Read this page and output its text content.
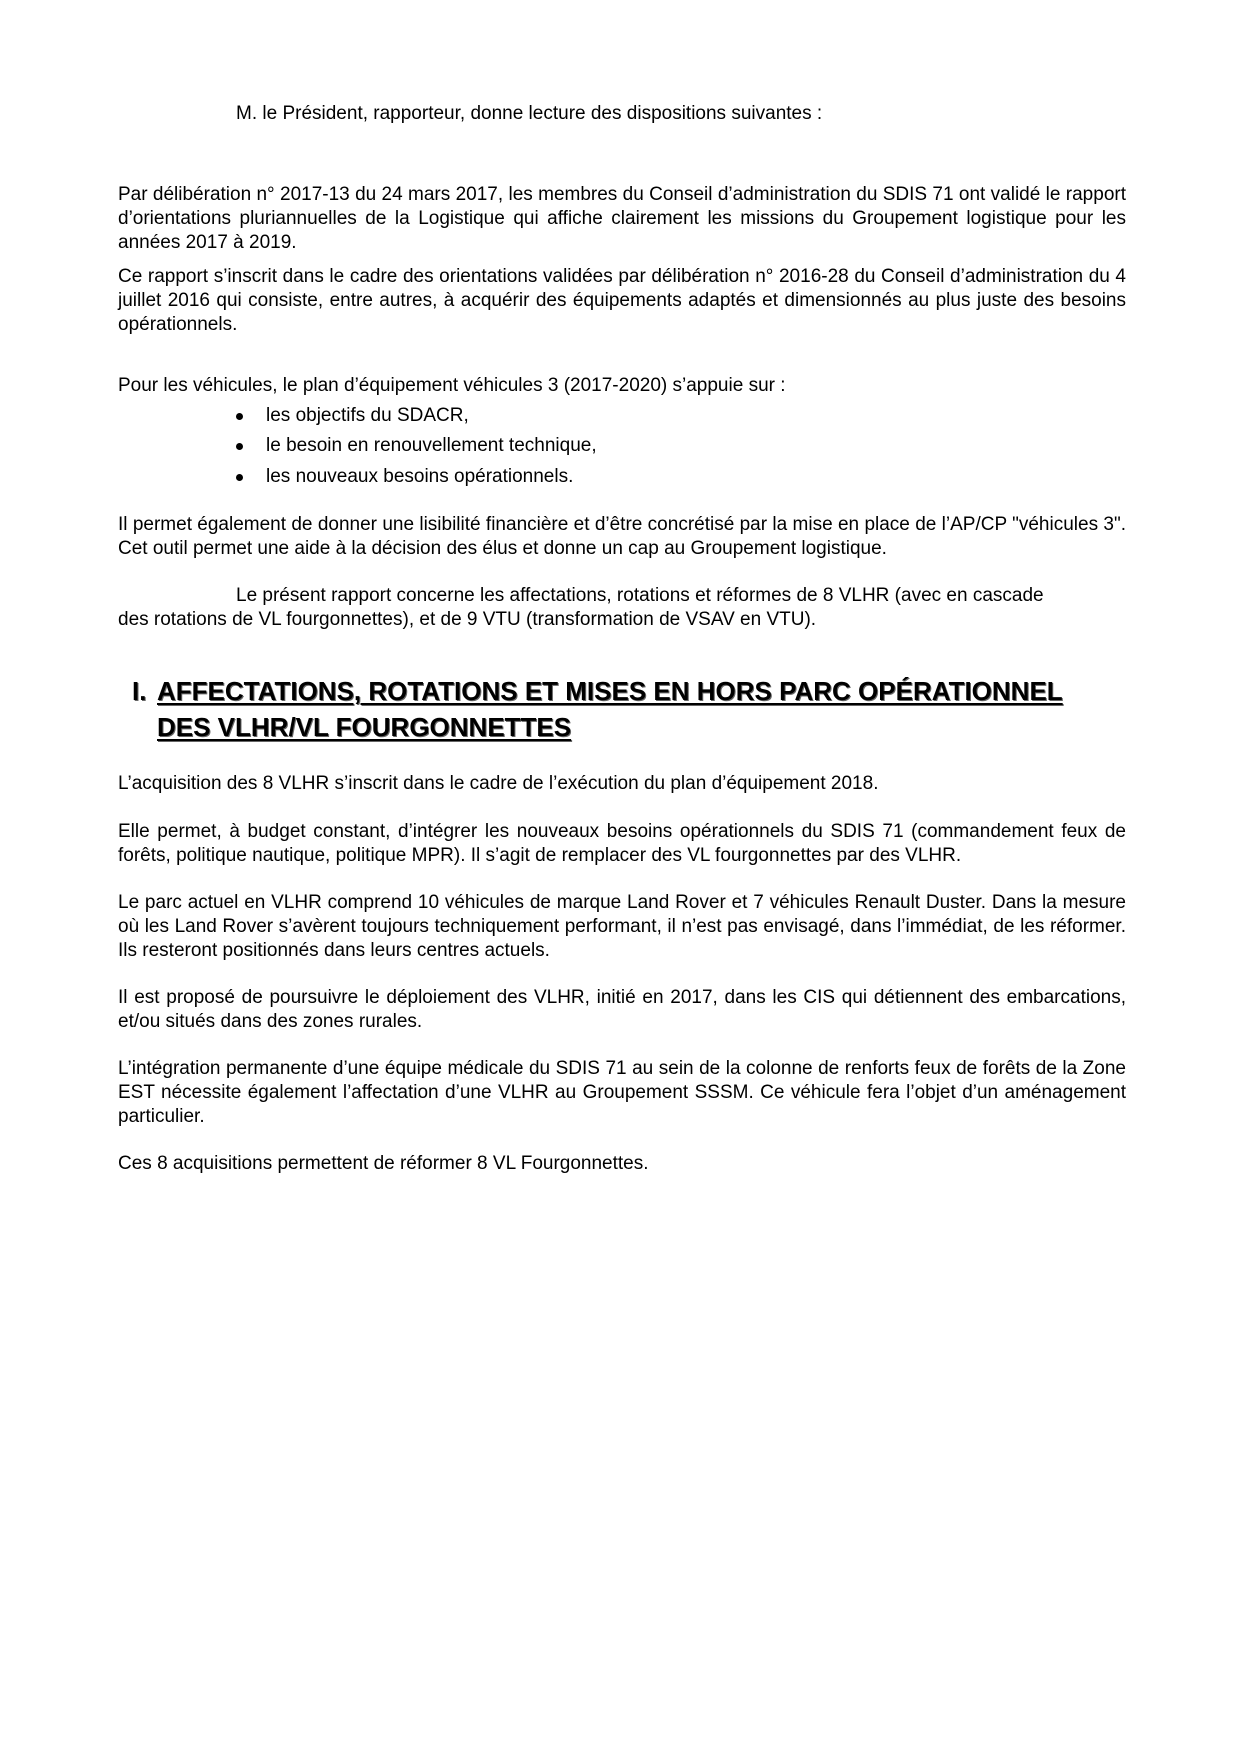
M. le Président, rapporteur, donne lecture des dispositions suivantes :
Par délibération n° 2017-13 du 24 mars 2017, les membres du Conseil d’administration du SDIS 71 ont validé le rapport d’orientations pluriannuelles de la Logistique qui affiche clairement les missions du Groupement logistique pour les années 2017 à 2019.
Ce rapport s’inscrit dans le cadre des orientations validées par délibération n° 2016-28 du Conseil d’administration du 4 juillet 2016 qui consiste, entre autres, à acquérir des équipements adaptés et dimensionnés au plus juste des besoins opérationnels.
Pour les véhicules, le plan d’équipement véhicules 3 (2017-2020) s’appuie sur :
les objectifs du SDACR,
le besoin en renouvellement technique,
les nouveaux besoins opérationnels.
Il permet également de donner une lisibilité financière et d’être concrétisé par la mise en place de l’AP/CP "véhicules 3". Cet outil permet une aide à la décision des élus et donne un cap au Groupement logistique.
Le présent rapport concerne les affectations, rotations et réformes de 8 VLHR (avec en cascade
des rotations de VL fourgonnettes), et de 9 VTU (transformation de VSAV en VTU).
I. AFFECTATIONS, ROTATIONS ET MISES EN HORS PARC OPÉRATIONNEL
DES VLHR/VL FOURGONNETTES
L’acquisition des 8 VLHR s’inscrit dans le cadre de l’exécution du plan d’équipement 2018.
Elle permet, à budget constant, d’intégrer les nouveaux besoins opérationnels du SDIS 71 (commandement feux de forêts, politique nautique, politique MPR). Il s’agit de remplacer des VL fourgonnettes par des VLHR.
Le parc actuel en VLHR comprend 10 véhicules de marque Land Rover et 7 véhicules Renault Duster. Dans la mesure où les Land Rover s’avèrent toujours techniquement performant, il n’est pas envisagé, dans l’immédiat, de les réformer. Ils resteront positionnés dans leurs centres actuels.
Il est proposé de poursuivre le déploiement des VLHR, initié en 2017, dans les CIS qui détiennent des embarcations, et/ou situés dans des zones rurales.
L’intégration permanente d’une équipe médicale du SDIS 71 au sein de la colonne de renforts feux de forêts de la Zone EST nécessite également l’affectation d’une VLHR au Groupement SSSM. Ce véhicule fera l’objet d’un aménagement particulier.
Ces 8 acquisitions permettent de réformer 8 VL Fourgonnettes.
